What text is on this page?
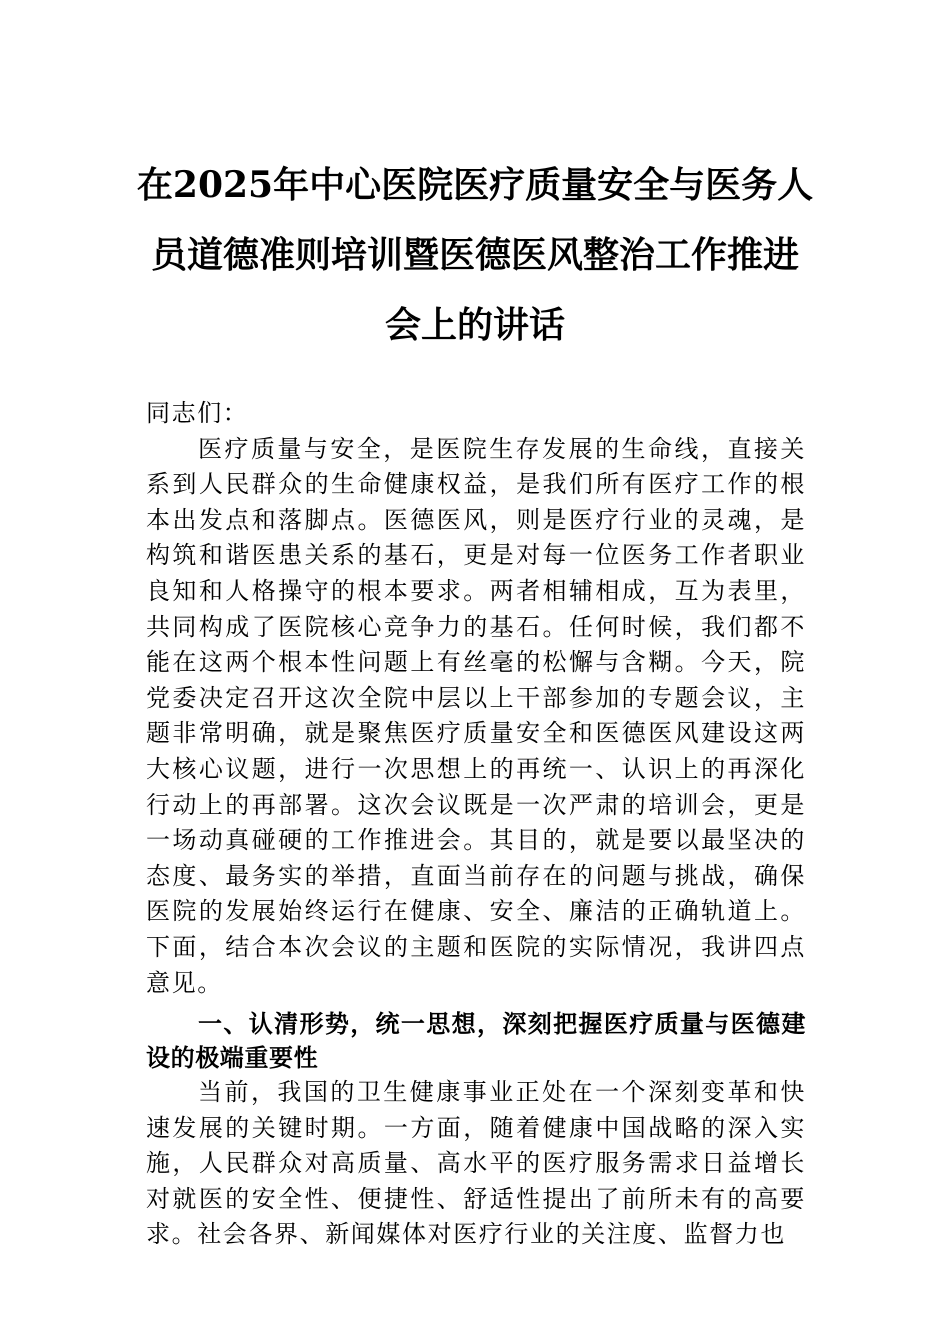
在2025年中心医院医疗质量安全与医务人
员道德准则培训暨医德医风整治工作推进
会上的讲话

同志们：

医疗质量与安全，是医院生存发展的生命线，直接关系到人民群众的生命健康权益，是我们所有医疗工作的根本出发点和落脚点。医德医风，则是医疗行业的灵魂，是构筑和谐医患关系的基石，更是对每一位医务工作者职业良知和人格操守的根本要求。两者相辅相成，互为表里，共同构成了医院核心竞争力的基石。任何时候，我们都不能在这两个根本性问题上有丝毫的松懈与含糊。今天，院党委决定召开这次全院中层以上干部参加的专题会议，主题非常明确，就是聚焦医疗质量安全和医德医风建设这两大核心议题，进行一次思想上的再统一、认识上的再深化行动上的再部署。这次会议既是一次严肃的培训会，更是一场动真碰硬的工作推进会。其目的，就是要以最坚决的态度、最务实的举措，直面当前存在的问题与挑战，确保医院的发展始终运行在健康、安全、廉洁的正确轨道上。下面，结合本次会议的主题和医院的实际情况，我讲四点意见。

一、认清形势，统一思想，深刻把握医疗质量与医德建设的极端重要性

当前，我国的卫生健康事业正处在一个深刻变革和快速发展的关键时期。一方面，随着健康中国战略的深入实施，人民群众对高质量、高水平的医疗服务需求日益增长对就医的安全性、便捷性、舒适性提出了前所未有的高要求。社会各界、新闻媒体对医疗行业的关注度、监督力也
